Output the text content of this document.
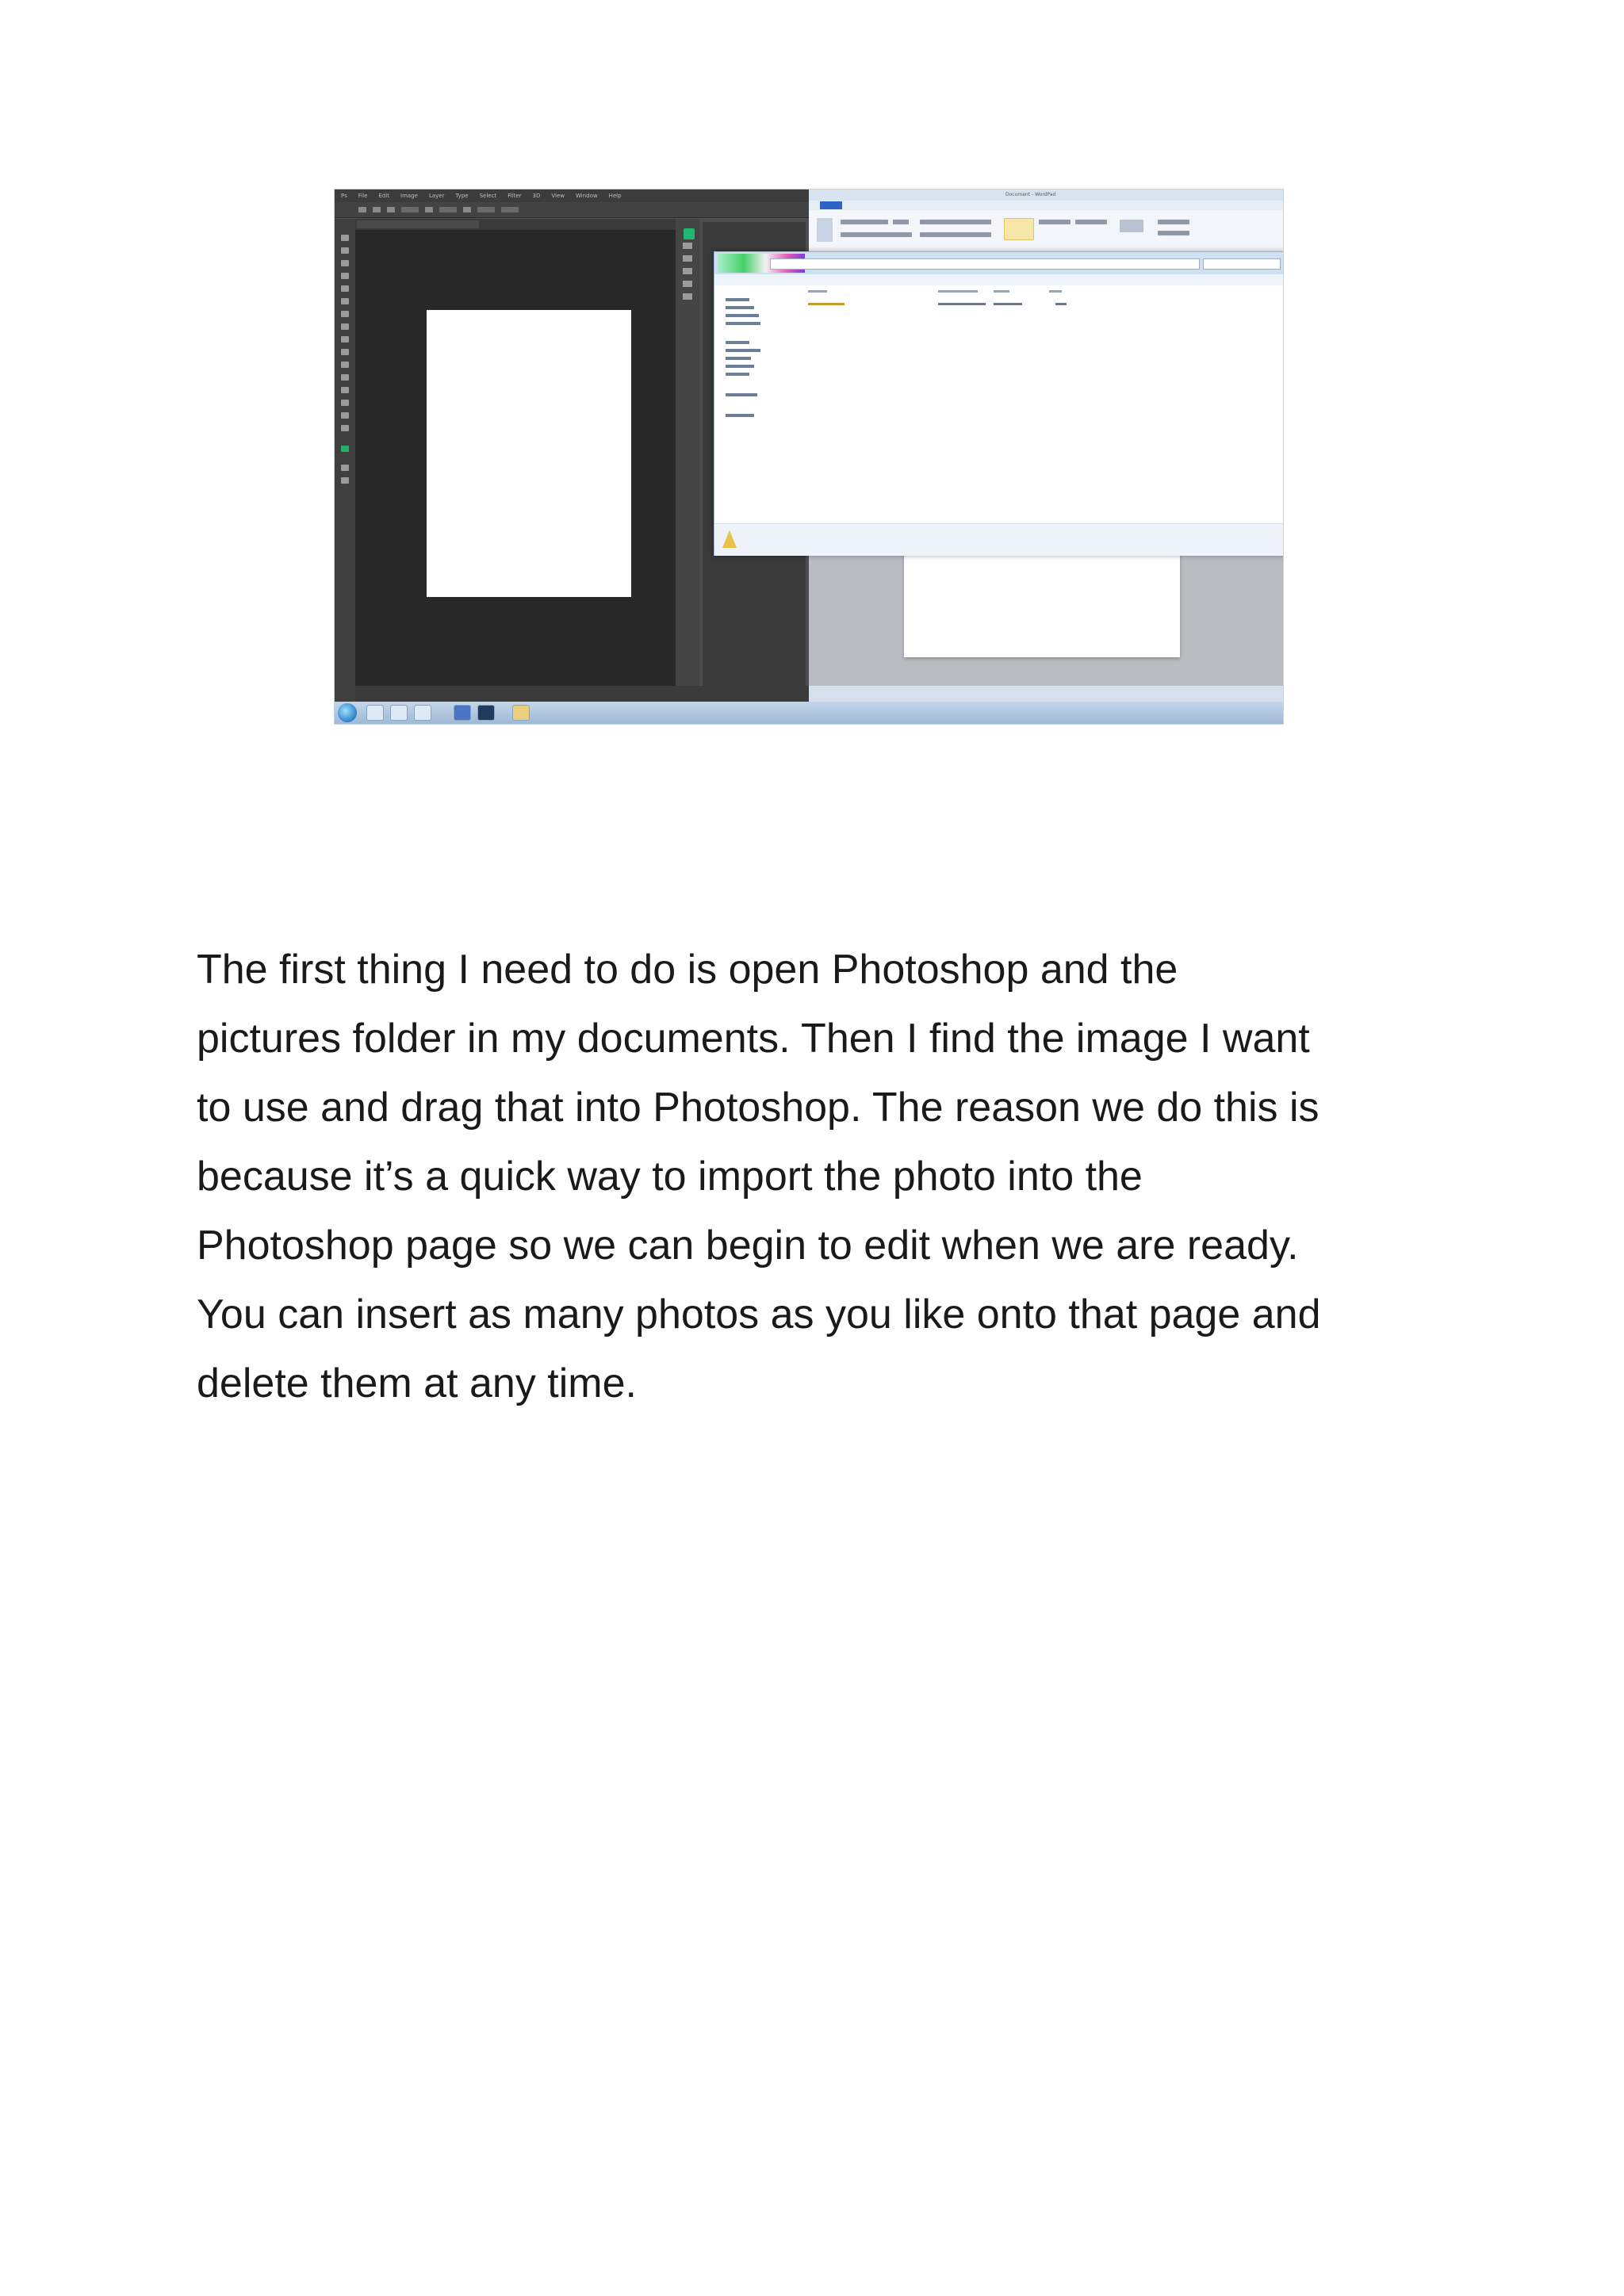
Ps File Edit Image Layer Type Select Filter 3D View Window Help	Document - WordPad

The first thing I need to do is open Photoshop and the
pictures folder in my documents. Then I find the image I want
to use and drag that into Photoshop. The reason we do this is
because it’s a quick way to import the photo into the
Photoshop page so we can begin to edit when we are ready.
You can insert as many photos as you like onto that page and
delete them at any time.
